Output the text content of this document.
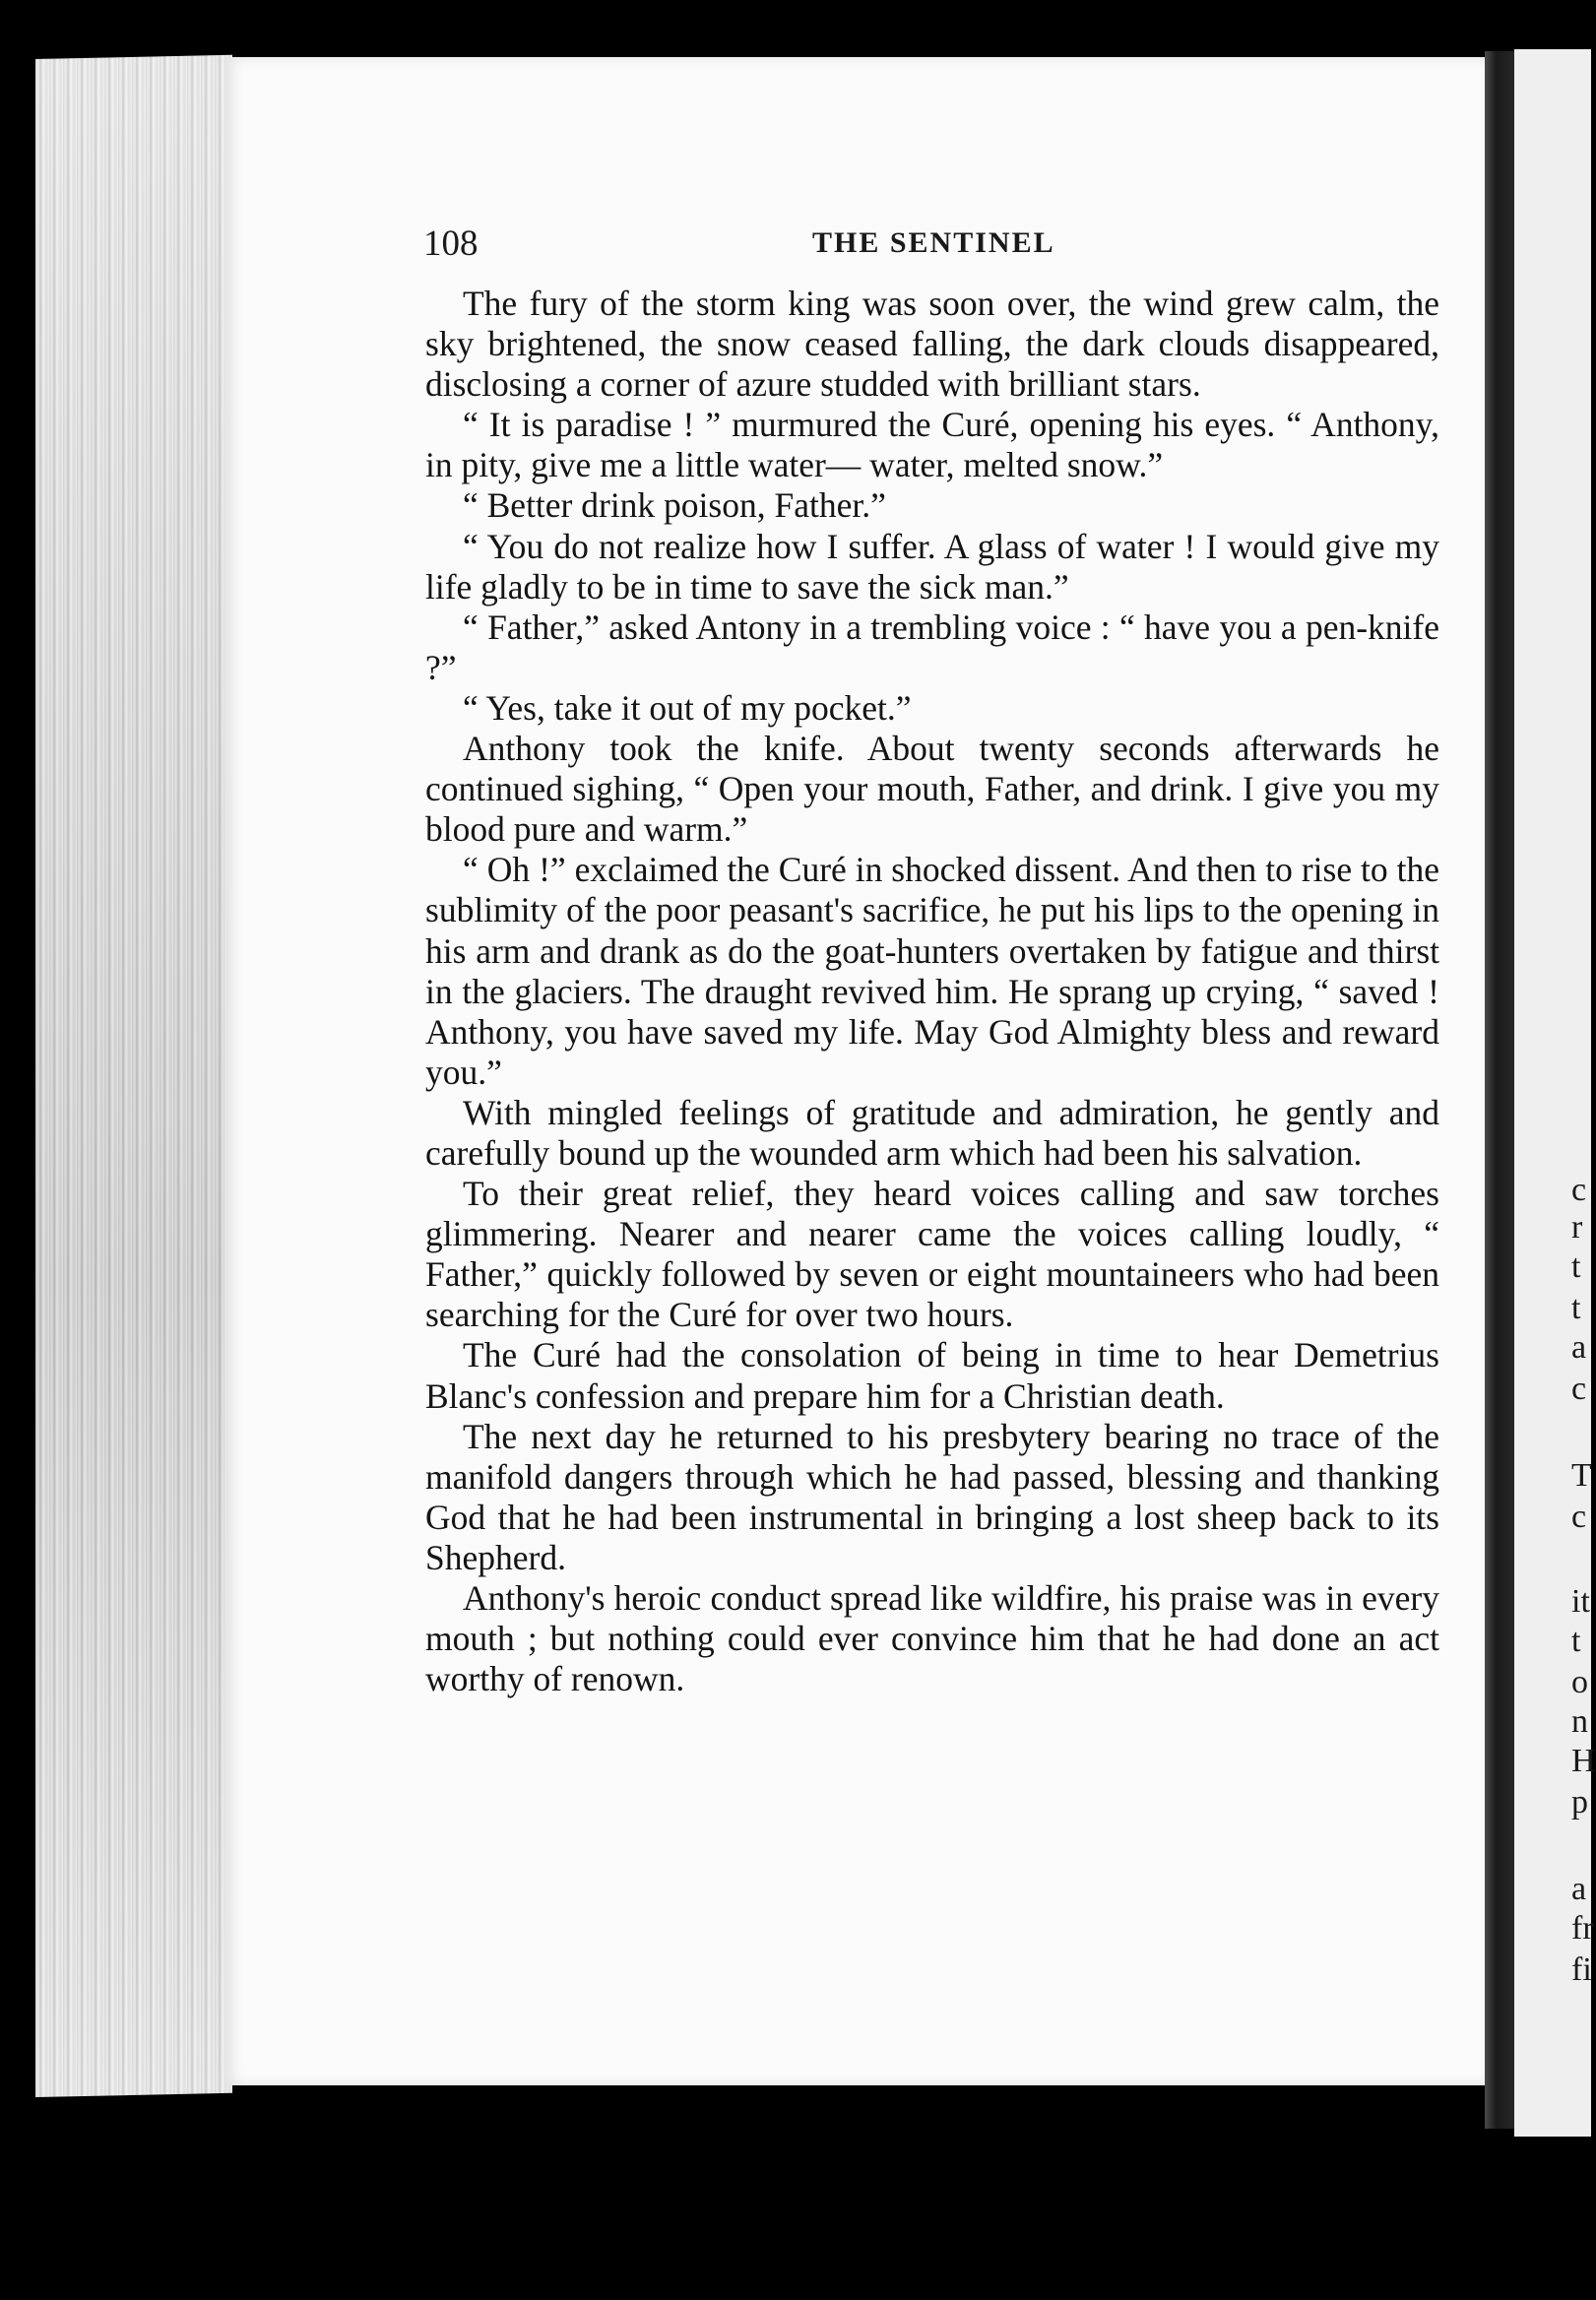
c
r
t
t
a
c
T
c
it
t
o
n
H
p
a
fr
fi
108	THE SENTINEL

The fury of the storm king was soon over, the wind grew calm, the sky brightened, the snow ceased falling, the dark clouds disappeared, disclosing a corner of azure studded with brilliant stars.

“ It is paradise ! ” murmured the Curé, opening his eyes. “ Anthony, in pity, give me a little water— water, melted snow.”

“ Better drink poison, Father.”

“ You do not realize how I suffer. A glass of water ! I would give my life gladly to be in time to save the sick man.”

“ Father,” asked Antony in a trembling voice : “ have you a pen-knife ?”

“ Yes, take it out of my pocket.”

Anthony took the knife. About twenty seconds afterwards he continued sighing, “ Open your mouth, Father, and drink. I give you my blood pure and warm.”

“ Oh !” exclaimed the Curé in shocked dissent. And then to rise to the sublimity of the poor peasant's sacrifice, he put his lips to the opening in his arm and drank as do the goat-hunters overtaken by fatigue and thirst in the glaciers. The draught revived him. He sprang up crying, “ saved ! Anthony, you have saved my life. May God Almighty bless and reward you.”

With mingled feelings of gratitude and admiration, he gently and carefully bound up the wounded arm which had been his salvation.

To their great relief, they heard voices calling and saw torches glimmering. Nearer and nearer came the voices calling loudly, “ Father,” quickly followed by seven or eight mountaineers who had been searching for the Curé for over two hours.

The Curé had the consolation of being in time to hear Demetrius Blanc's confession and prepare him for a Christian death.

The next day he returned to his presbytery bearing no trace of the manifold dangers through which he had passed, blessing and thanking God that he had been instrumental in bringing a lost sheep back to its Shepherd.

Anthony's heroic conduct spread like wildfire, his praise was in every mouth ; but nothing could ever convince him that he had done an act worthy of renown.
